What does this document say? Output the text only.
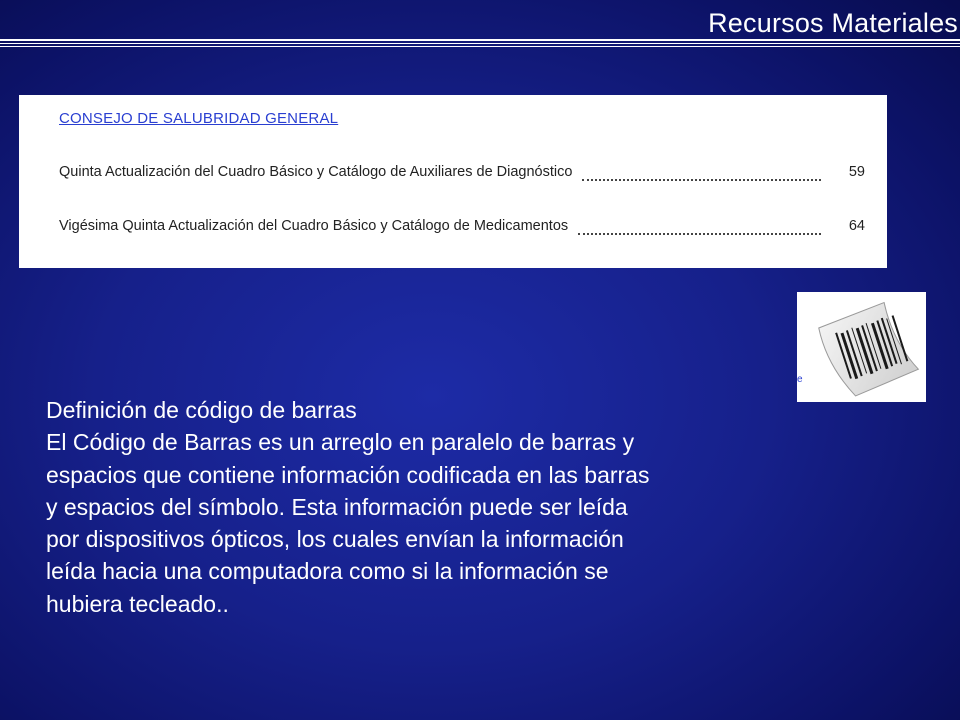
Recursos Materiales
CONSEJO DE SALUBRIDAD GENERAL
Quinta Actualización del Cuadro Básico y Catálogo de Auxiliares de Diagnóstico	59
Vigésima Quinta Actualización del Cuadro Básico y Catálogo de Medicamentos	64
e
Definición de código de barras
El Código de Barras es un arreglo en paralelo de barras y
espacios que contiene información codificada en las barras
y espacios del símbolo. Esta información puede ser leída
por dispositivos ópticos, los cuales envían la información
leída hacia una computadora como si la información se
hubiera tecleado..
